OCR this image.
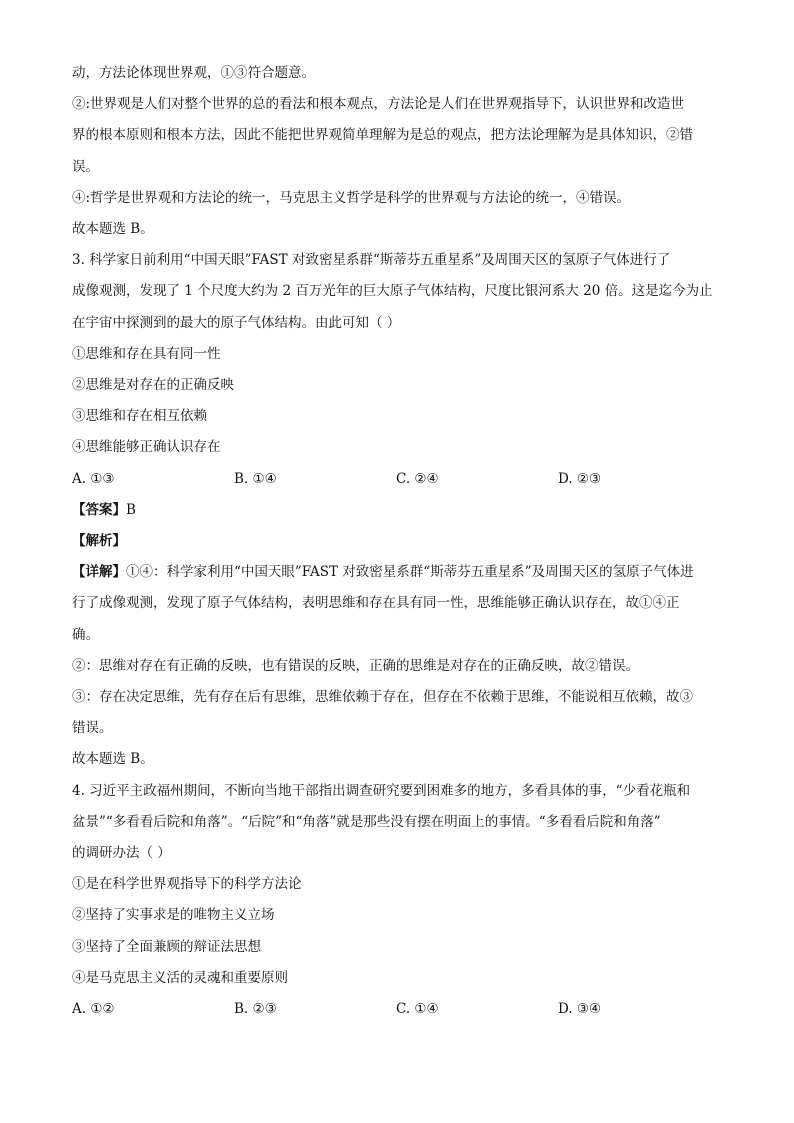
动，方法论体现世界观，①③符合题意。
②:世界观是人们对整个世界的总的看法和根本观点，方法论是人们在世界观指导下，认识世界和改造世
界的根本原则和根本方法，因此不能把世界观简单理解为是总的观点，把方法论理解为是具体知识，②错
误。
④:哲学是世界观和方法论的统一，马克思主义哲学是科学的世界观与方法论的统一，④错误。
故本题选 B。
3. 科学家日前利用“中国天眼”FAST 对致密星系群“斯蒂芬五重星系”及周围天区的氢原子气体进行了
成像观测，发现了 1 个尺度大约为 2 百万光年的巨大原子气体结构，尺度比银河系大 20 倍。这是迄今为止
在宇宙中探测到的最大的原子气体结构。由此可知（ ）
①思维和存在具有同一性
②思维是对存在的正确反映
③思维和存在相互依赖
④思维能够正确认识存在
A. ①③	B. ①④	C. ②④	D. ②③
【答案】B
【解析】
【详解】①④：科学家利用“中国天眼”FAST 对致密星系群“斯蒂芬五重星系”及周围天区的氢原子气体进
行了成像观测，发现了原子气体结构，表明思维和存在具有同一性，思维能够正确认识存在，故①④正
确。
②：思维对存在有正确的反映，也有错误的反映，正确的思维是对存在的正确反映，故②错误。
③：存在决定思维，先有存在后有思维，思维依赖于存在，但存在不依赖于思维，不能说相互依赖，故③
错误。
故本题选 B。
4. 习近平主政福州期间，不断向当地干部指出调查研究要到困难多的地方，多看具体的事，“少看花瓶和
盆景”“多看看后院和角落”。“后院”和“角落”就是那些没有摆在明面上的事情。“多看看后院和角落”
的调研办法（ ）
①是在科学世界观指导下的科学方法论
②坚持了实事求是的唯物主义立场
③坚持了全面兼顾的辩证法思想
④是马克思主义活的灵魂和重要原则
A. ①②	B. ②③	C. ①④	D. ③④
